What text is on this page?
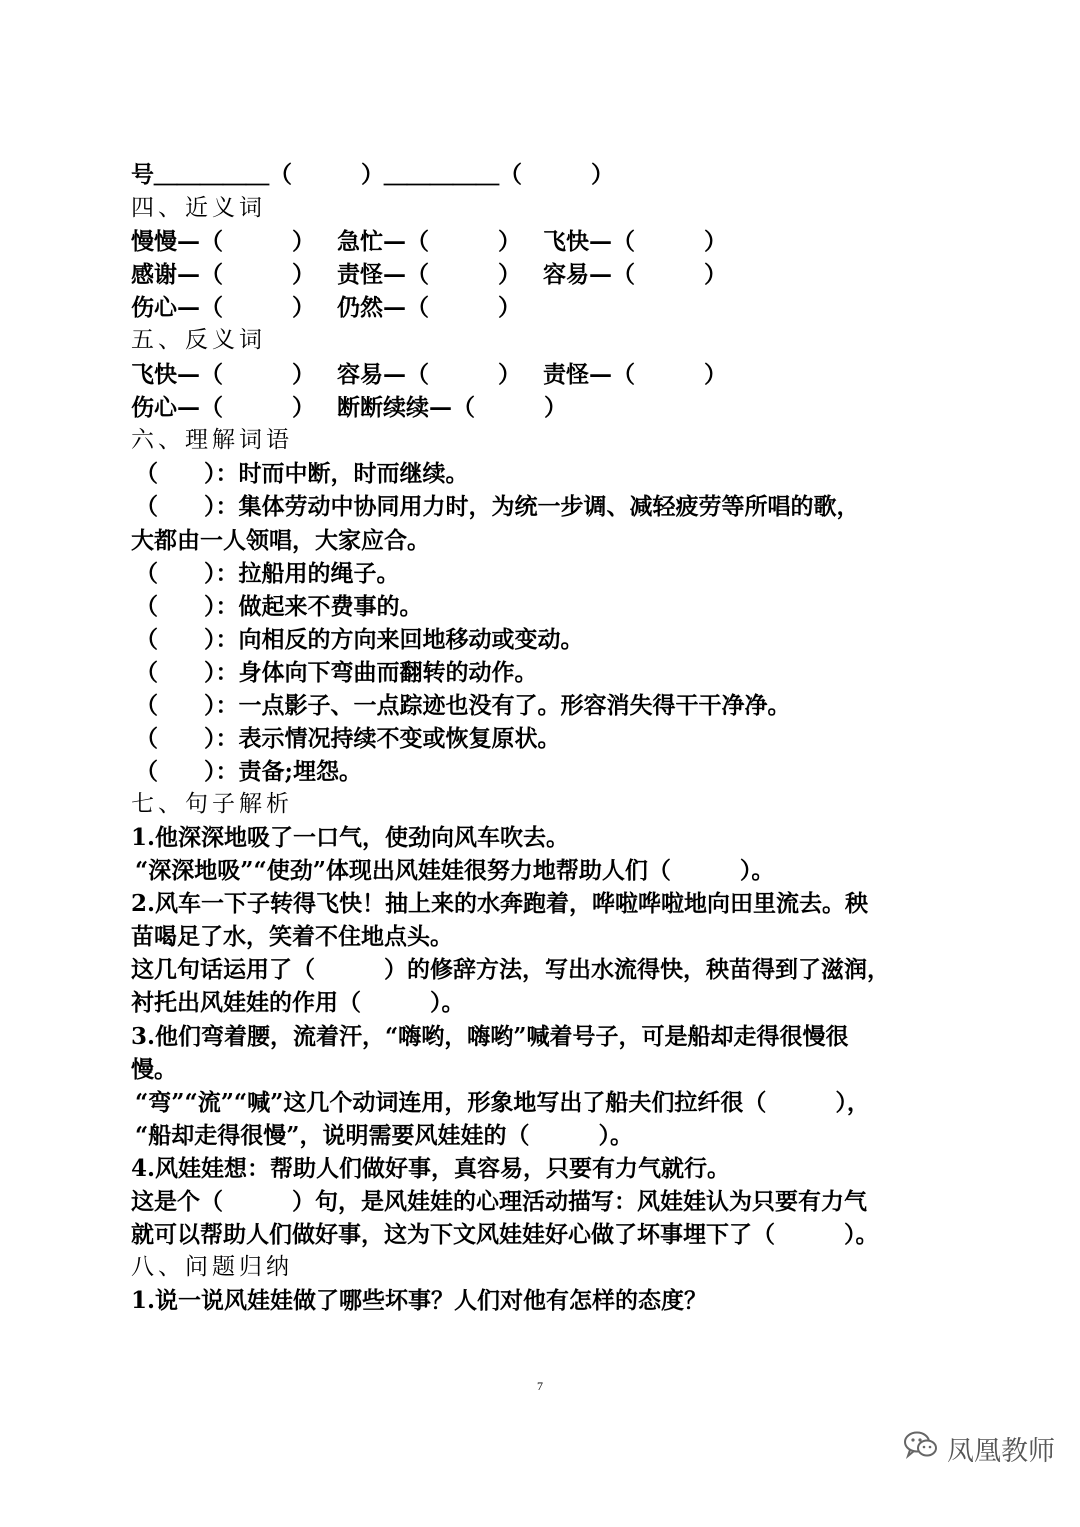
号＿＿＿＿＿（　　　）＿＿＿＿＿（　　　）
四、近义词
慢慢—（　　　） 急忙—（　　　） 飞快—（　　　）
感谢—（　　　） 责怪—（　　　） 容易—（　　　）
伤心—（　　　） 仍然—（　　　）
五、反义词
飞快—（　　　） 容易—（　　　） 责怪—（　　　）
伤心—（　　　） 断断续续—（　　　）
六、理解词语
（　　）：时而中断，时而继续。
（　　）：集体劳动中协同用力时，为统一步调、减轻疲劳等所唱的歌，
大都由一人领唱，大家应合。
（　　）：拉船用的绳子。
（　　）：做起来不费事的。
（　　）：向相反的方向来回地移动或变动。
（　　）：身体向下弯曲而翻转的动作。
（　　）：一点影子、一点踪迹也没有了。形容消失得干干净净。
（　　）：表示情况持续不变或恢复原状。
（　　）：责备;埋怨。
七、句子解析
1.他深深地吸了一口气，使劲向风车吹去。
“深深地吸”“使劲”体现出风娃娃很努力地帮助人们（　　　）。
2.风车一下子转得飞快！抽上来的水奔跑着，哗啦哗啦地向田里流去。秧
苗喝足了水，笑着不住地点头。
这几句话运用了（　　　）的修辞方法，写出水流得快，秧苗得到了滋润，
衬托出风娃娃的作用（　　　）。
3.他们弯着腰，流着汗，“嗨哟，嗨哟”喊着号子，可是船却走得很慢很
慢。
“弯”“流”“喊”这几个动词连用，形象地写出了船夫们拉纤很（　　　），
“船却走得很慢”，说明需要风娃娃的（　　　）。
4.风娃娃想：帮助人们做好事，真容易，只要有力气就行。
这是个（　　　）句，是风娃娃的心理活动描写：风娃娃认为只要有力气
就可以帮助人们做好事，这为下文风娃娃好心做了坏事埋下了（　　　）。
八、问题归纳
1.说一说风娃娃做了哪些坏事？人们对他有怎样的态度？
7
凤凰教师
